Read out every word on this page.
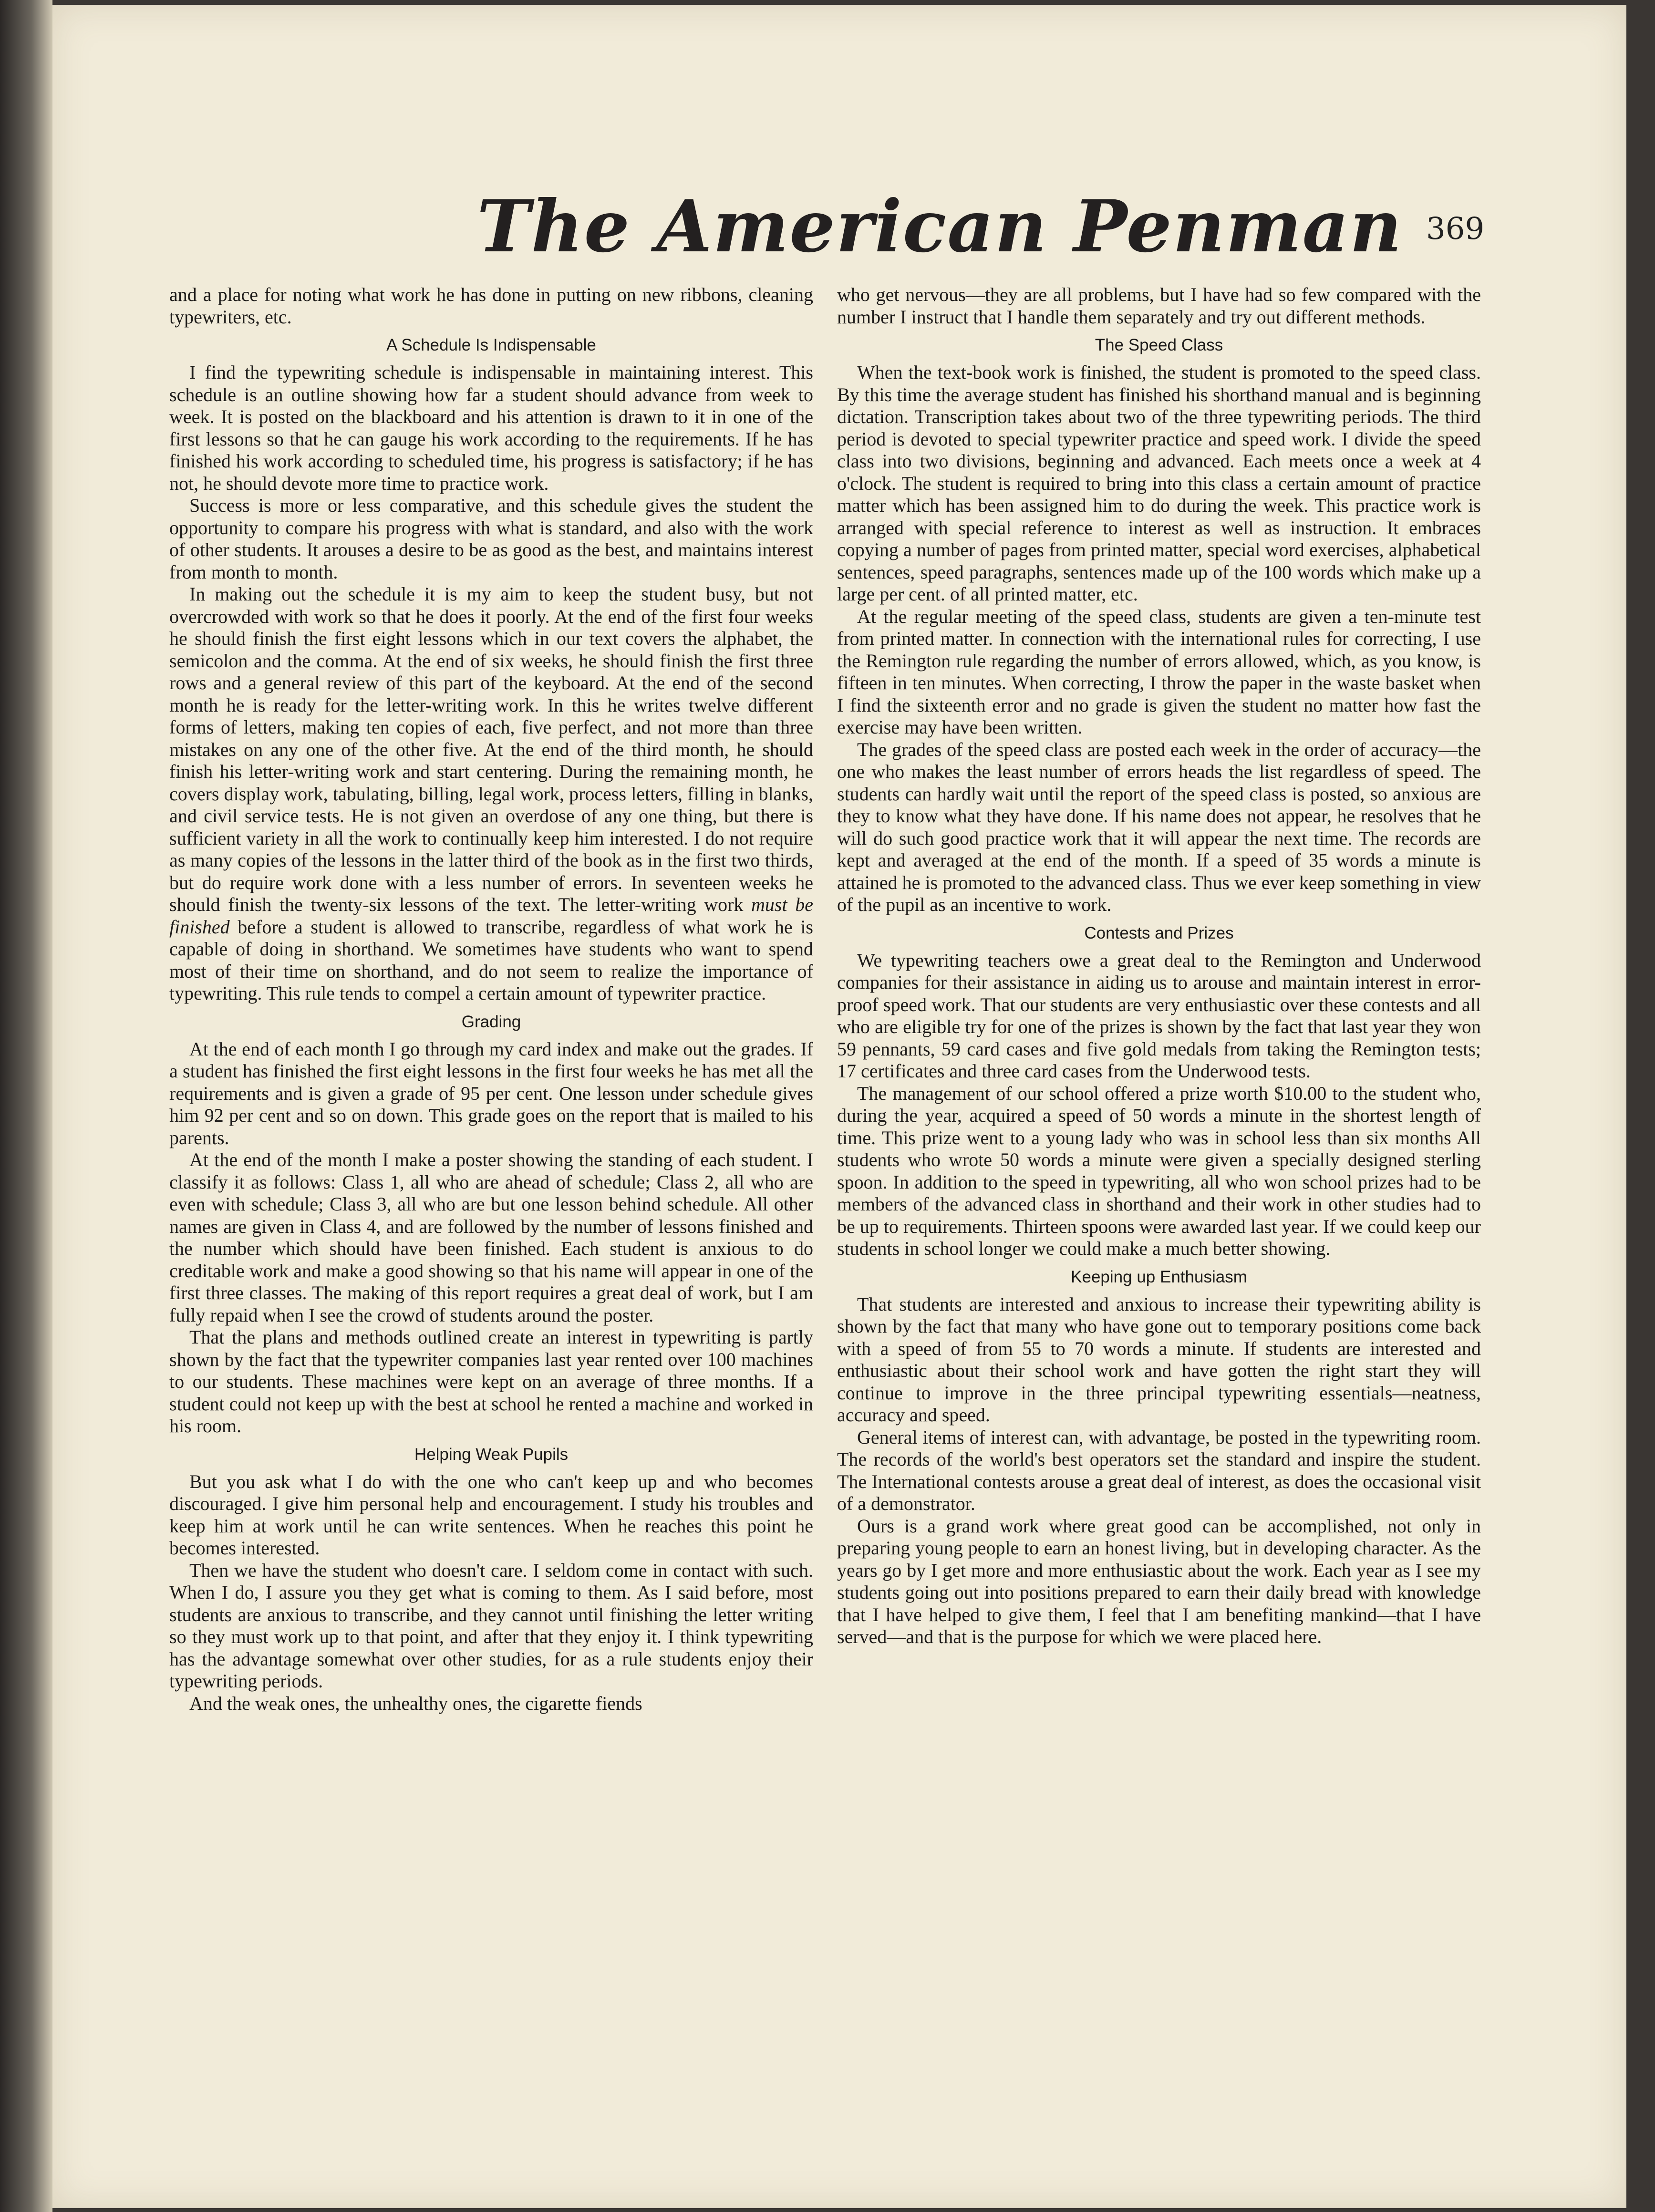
The American Penman 369

and a place for noting what work he has done in putting on new ribbons, cleaning typewriters, etc.

A Schedule Is Indispensable

I find the typewriting schedule is indispensable in maintaining interest. This schedule is an outline showing how far a student should advance from week to week. It is posted on the blackboard and his attention is drawn to it in one of the first lessons so that he can gauge his work according to the requirements. If he has finished his work according to scheduled time, his progress is satisfactory; if he has not, he should devote more time to practice work.

Success is more or less comparative, and this schedule gives the student the opportunity to compare his progress with what is standard, and also with the work of other students. It arouses a desire to be as good as the best, and maintains interest from month to month.

In making out the schedule it is my aim to keep the student busy, but not overcrowded with work so that he does it poorly. At the end of the first four weeks he should finish the first eight lessons which in our text covers the alphabet, the semicolon and the comma. At the end of six weeks, he should finish the first three rows and a general review of this part of the keyboard. At the end of the second month he is ready for the letter-writing work. In this he writes twelve different forms of letters, making ten copies of each, five perfect, and not more than three mistakes on any one of the other five. At the end of the third month, he should finish his letter-writing work and start centering. During the remaining month, he covers display work, tabulating, billing, legal work, process letters, filling in blanks, and civil service tests. He is not given an overdose of any one thing, but there is sufficient variety in all the work to continually keep him interested. I do not require as many copies of the lessons in the latter third of the book as in the first two thirds, but do require work done with a less number of errors. In seventeen weeks he should finish the twenty-six lessons of the text. The letter-writing work must be finished before a student is allowed to transcribe, regardless of what work he is capable of doing in shorthand. We sometimes have students who want to spend most of their time on shorthand, and do not seem to realize the importance of typewriting. This rule tends to compel a certain amount of typewriter practice.

Grading

At the end of each month I go through my card index and make out the grades. If a student has finished the first eight lessons in the first four weeks he has met all the requirements and is given a grade of 95 per cent. One lesson under schedule gives him 92 per cent and so on down. This grade goes on the report that is mailed to his parents.

At the end of the month I make a poster showing the standing of each student. I classify it as follows: Class 1, all who are ahead of schedule; Class 2, all who are even with schedule; Class 3, all who are but one lesson behind schedule. All other names are given in Class 4, and are followed by the number of lessons finished and the number which should have been finished. Each student is anxious to do creditable work and make a good showing so that his name will appear in one of the first three classes. The making of this report requires a great deal of work, but I am fully repaid when I see the crowd of students around the poster.

That the plans and methods outlined create an interest in typewriting is partly shown by the fact that the typewriter companies last year rented over 100 machines to our students. These machines were kept on an average of three months. If a student could not keep up with the best at school he rented a machine and worked in his room.

Helping Weak Pupils

But you ask what I do with the one who can't keep up and who becomes discouraged. I give him personal help and encouragement. I study his troubles and keep him at work until he can write sentences. When he reaches this point he becomes interested.

Then we have the student who doesn't care. I seldom come in contact with such. When I do, I assure you they get what is coming to them. As I said before, most students are anxious to transcribe, and they cannot until finishing the letter writing so they must work up to that point, and after that they enjoy it. I think typewriting has the advantage somewhat over other studies, for as a rule students enjoy their typewriting periods.

And the weak ones, the unhealthy ones, the cigarette fiends

who get nervous—they are all problems, but I have had so few compared with the number I instruct that I handle them separately and try out different methods.

The Speed Class

When the text-book work is finished, the student is promoted to the speed class. By this time the average student has finished his shorthand manual and is beginning dictation. Transcription takes about two of the three typewriting periods. The third period is devoted to special typewriter practice and speed work. I divide the speed class into two divisions, beginning and advanced. Each meets once a week at 4 o'clock. The student is required to bring into this class a certain amount of practice matter which has been assigned him to do during the week. This practice work is arranged with special reference to interest as well as instruction. It embraces copying a number of pages from printed matter, special word exercises, alphabetical sentences, speed paragraphs, sentences made up of the 100 words which make up a large per cent. of all printed matter, etc.

At the regular meeting of the speed class, students are given a ten-minute test from printed matter. In connection with the international rules for correcting, I use the Remington rule regarding the number of errors allowed, which, as you know, is fifteen in ten minutes. When correcting, I throw the paper in the waste basket when I find the sixteenth error and no grade is given the student no matter how fast the exercise may have been written.

The grades of the speed class are posted each week in the order of accuracy—the one who makes the least number of errors heads the list regardless of speed. The students can hardly wait until the report of the speed class is posted, so anxious are they to know what they have done. If his name does not appear, he resolves that he will do such good practice work that it will appear the next time. The records are kept and averaged at the end of the month. If a speed of 35 words a minute is attained he is promoted to the advanced class. Thus we ever keep something in view of the pupil as an incentive to work.

Contests and Prizes

We typewriting teachers owe a great deal to the Remington and Underwood companies for their assistance in aiding us to arouse and maintain interest in error-proof speed work. That our students are very enthusiastic over these contests and all who are eligible try for one of the prizes is shown by the fact that last year they won 59 pennants, 59 card cases and five gold medals from taking the Remington tests; 17 certificates and three card cases from the Underwood tests.

The management of our school offered a prize worth $10.00 to the student who, during the year, acquired a speed of 50 words a minute in the shortest length of time. This prize went to a young lady who was in school less than six months All students who wrote 50 words a minute were given a specially designed sterling spoon. In addition to the speed in typewriting, all who won school prizes had to be members of the advanced class in shorthand and their work in other studies had to be up to requirements. Thirteen spoons were awarded last year. If we could keep our students in school longer we could make a much better showing.

Keeping up Enthusiasm

That students are interested and anxious to increase their typewriting ability is shown by the fact that many who have gone out to temporary positions come back with a speed of from 55 to 70 words a minute. If students are interested and enthusiastic about their school work and have gotten the right start they will continue to improve in the three principal typewriting essentials—neatness, accuracy and speed.

General items of interest can, with advantage, be posted in the typewriting room. The records of the world's best operators set the standard and inspire the student. The International contests arouse a great deal of interest, as does the occasional visit of a demonstrator.

Ours is a grand work where great good can be accomplished, not only in preparing young people to earn an honest living, but in developing character. As the years go by I get more and more enthusiastic about the work. Each year as I see my students going out into positions prepared to earn their daily bread with knowledge that I have helped to give them, I feel that I am benefiting mankind—that I have served—and that is the purpose for which we were placed here.
